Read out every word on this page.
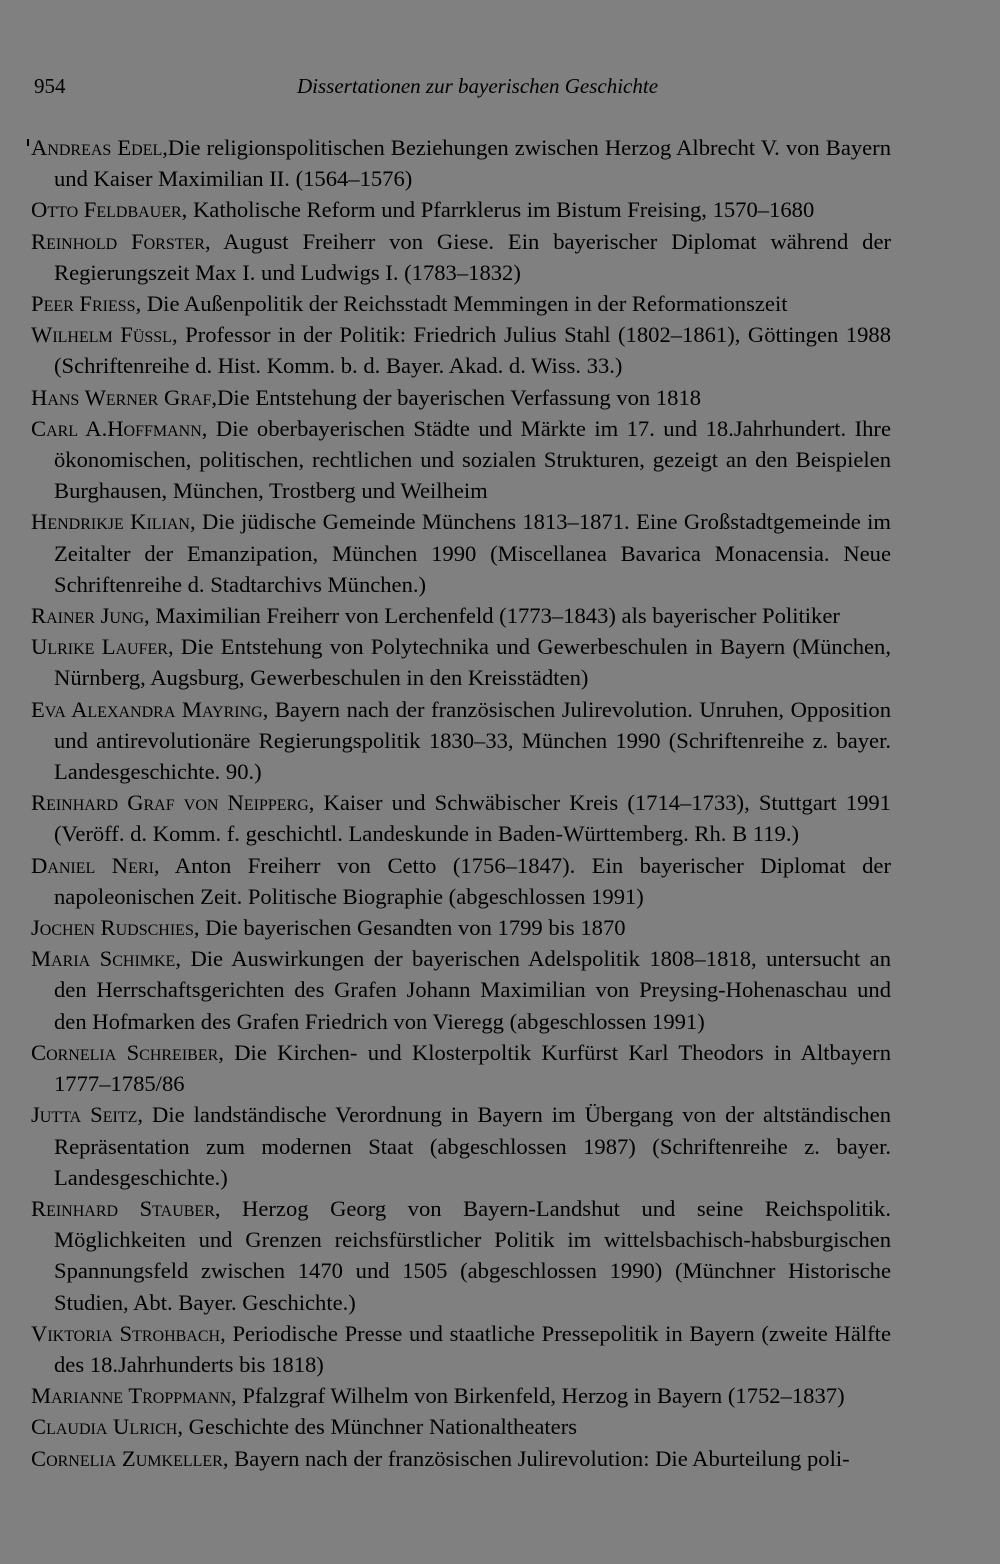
954	Dissertationen zur bayerischen Geschichte
Andreas Edel,Die religionspolitischen Beziehungen zwischen Herzog Albrecht V. von Bayern und Kaiser Maximilian II. (1564–1576)
Otto Feldbauer, Katholische Reform und Pfarrklerus im Bistum Freising, 1570–1680
Reinhold Forster, August Freiherr von Giese. Ein bayerischer Diplomat während der Regierungszeit Max I. und Ludwigs I. (1783–1832)
Peer Friess, Die Außenpolitik der Reichsstadt Memmingen in der Reformationszeit
Wilhelm Füssl, Professor in der Politik: Friedrich Julius Stahl (1802–1861), Göttingen 1988 (Schriftenreihe d. Hist. Komm. b. d. Bayer. Akad. d. Wiss. 33.)
Hans Werner Graf,Die Entstehung der bayerischen Verfassung von 1818
Carl A.Hoffmann, Die oberbayerischen Städte und Märkte im 17. und 18.Jahrhundert. Ihre ökonomischen, politischen, rechtlichen und sozialen Strukturen, gezeigt an den Beispielen Burghausen, München, Trostberg und Weilheim
Hendrikje Kilian, Die jüdische Gemeinde Münchens 1813–1871. Eine Großstadtgemeinde im Zeitalter der Emanzipation, München 1990 (Miscellanea Bavarica Monacensia. Neue Schriftenreihe d. Stadtarchivs München.)
Rainer Jung, Maximilian Freiherr von Lerchenfeld (1773–1843) als bayerischer Politiker
Ulrike Laufer, Die Entstehung von Polytechnika und Gewerbeschulen in Bayern (München, Nürnberg, Augsburg, Gewerbeschulen in den Kreisstädten)
Eva Alexandra Mayring, Bayern nach der französischen Julirevolution. Unruhen, Opposition und antirevolutionäre Regierungspolitik 1830–33, München 1990 (Schriftenreihe z. bayer. Landesgeschichte. 90.)
Reinhard Graf von Neipperg, Kaiser und Schwäbischer Kreis (1714–1733), Stuttgart 1991 (Veröff. d. Komm. f. geschichtl. Landeskunde in Baden-Württemberg. Rh. B 119.)
Daniel Neri, Anton Freiherr von Cetto (1756–1847). Ein bayerischer Diplomat der napoleonischen Zeit. Politische Biographie (abgeschlossen 1991)
Jochen Rudschies, Die bayerischen Gesandten von 1799 bis 1870
Maria Schimke, Die Auswirkungen der bayerischen Adelspolitik 1808–1818, untersucht an den Herrschaftsgerichten des Grafen Johann Maximilian von Preysing-Hohenaschau und den Hofmarken des Grafen Friedrich von Vieregg (abgeschlossen 1991)
Cornelia Schreiber, Die Kirchen- und Klosterpoltik Kurfürst Karl Theodors in Altbayern 1777–1785/86
Jutta Seitz, Die landständische Verordnung in Bayern im Übergang von der altständischen Repräsentation zum modernen Staat (abgeschlossen 1987) (Schriftenreihe z. bayer. Landesgeschichte.)
Reinhard Stauber, Herzog Georg von Bayern-Landshut und seine Reichspolitik. Möglichkeiten und Grenzen reichsfürstlicher Politik im wittelsbachisch-habsburgischen Spannungsfeld zwischen 1470 und 1505 (abgeschlossen 1990) (Münchner Historische Studien, Abt. Bayer. Geschichte.)
Viktoria Strohbach, Periodische Presse und staatliche Pressepolitik in Bayern (zweite Hälfte des 18.Jahrhunderts bis 1818)
Marianne Troppmann, Pfalzgraf Wilhelm von Birkenfeld, Herzog in Bayern (1752–1837)
Claudia Ulrich, Geschichte des Münchner Nationaltheaters
Cornelia Zumkeller, Bayern nach der französischen Julirevolution: Die Aburteilung poli-
